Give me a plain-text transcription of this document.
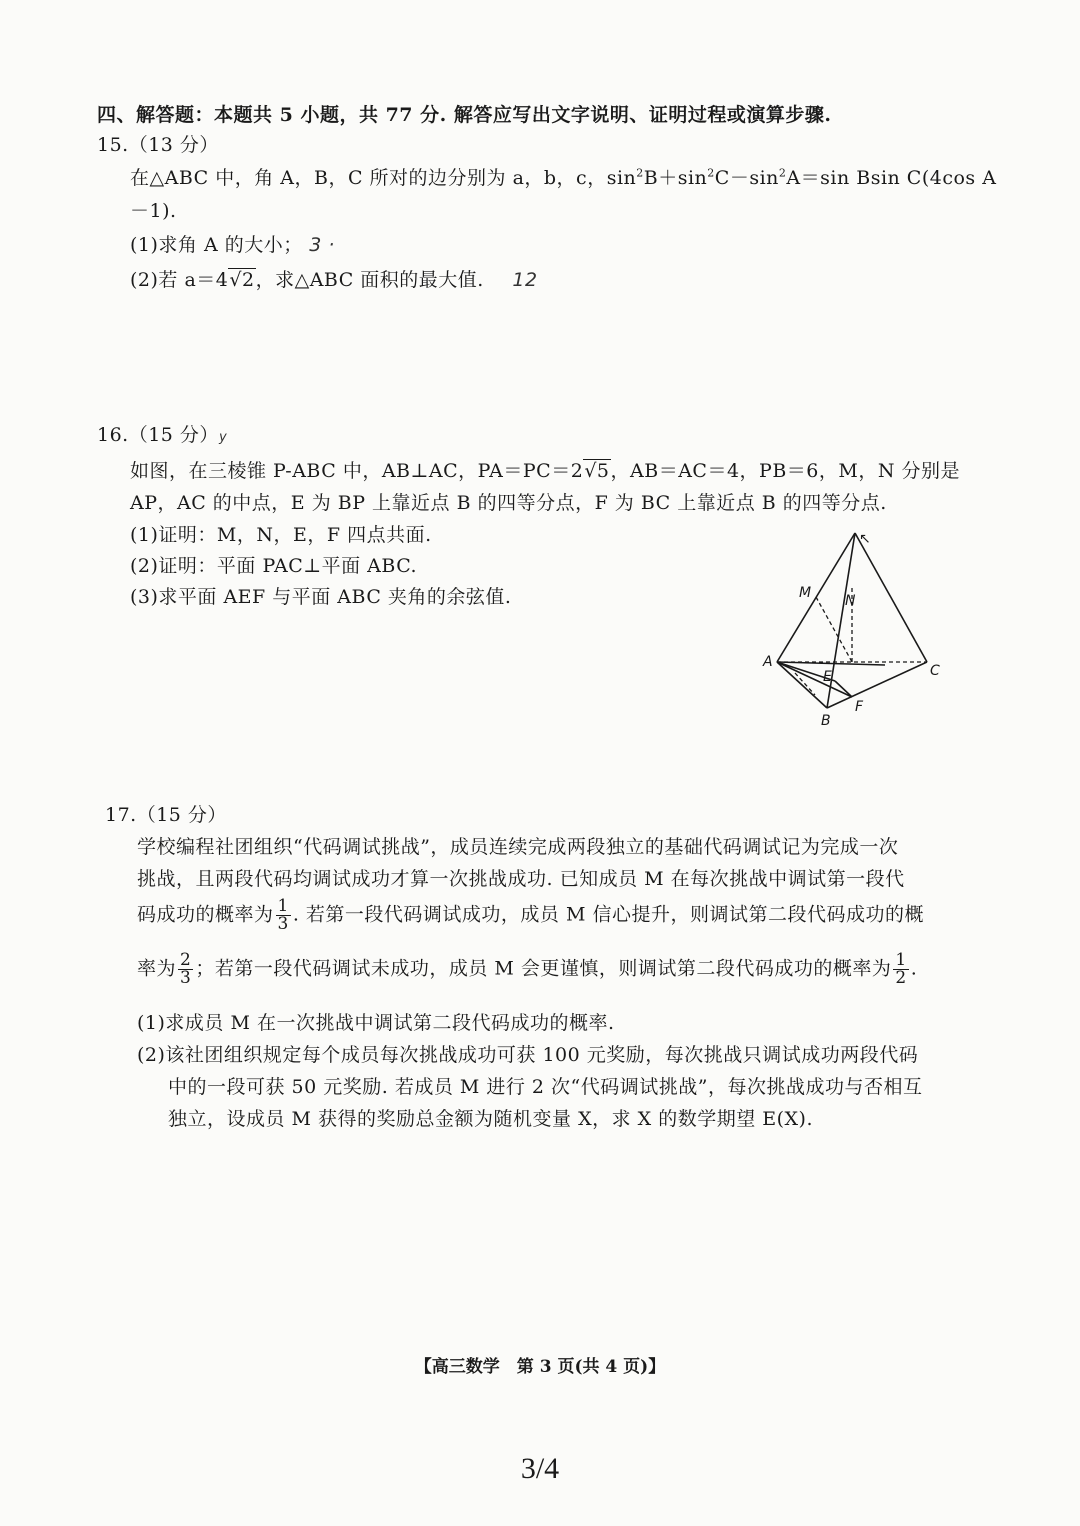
四、解答题：本题共 5 小题，共 77 分. 解答应写出文字说明、证明过程或演算步骤.
15.（13 分）
在△ABC 中，角 A，B，C 所对的边分别为 a，b，c，$\sin^2B+\sin^2C-\sin^2A=\sin$ Bsin C(4cos A
－1).
(1)求角 A 的大小； 3 ·
(2)若 a＝4√2，求△ABC 面积的最大值. 12
16.（15 分）y
如图，在三棱锥 P-ABC 中，AB⊥AC，PA＝PC＝2√5，AB＝AC＝4，PB＝6，M，N 分别是
AP，AC 的中点，E 为 BP 上靠近点 B 的四等分点，F 为 BC 上靠近点 B 的四等分点.
(1)证明：M，N，E，F 四点共面.
(2)证明：平面 PAC⊥平面 ABC.
(3)求平面 AEF 与平面 ABC 夹角的余弦值.
↖
M
A
C
B
E
F
N
17.（15 分）
学校编程社团组织“代码调试挑战”，成员连续完成两段独立的基础代码调试记为完成一次
挑战，且两段代码均调试成功才算一次挑战成功. 已知成员 M 在每次挑战中调试第一段代
码成功的概率为 $\frac{1}{3}$ . 若第一段代码调试成功，成员 M 信心提升，则调试第二段代码成功的概
率为 $\frac{2}{3}$ ；若第一段代码调试未成功，成员 M 会更谨慎，则调试第二段代码成功的概率为 $\frac{1}{2}$ .
(1)求成员 M 在一次挑战中调试第二段代码成功的概率.
(2)该社团组织规定每个成员每次挑战成功可获 100 元奖励，每次挑战只调试成功两段代码
中的一段可获 50 元奖励. 若成员 M 进行 2 次“代码调试挑战”，每次挑战成功与否相互
独立，设成员 M 获得的奖励总金额为随机变量 X，求 X 的数学期望 E(X).
【高三数学　第 3 页(共 4 页)】
3/4
